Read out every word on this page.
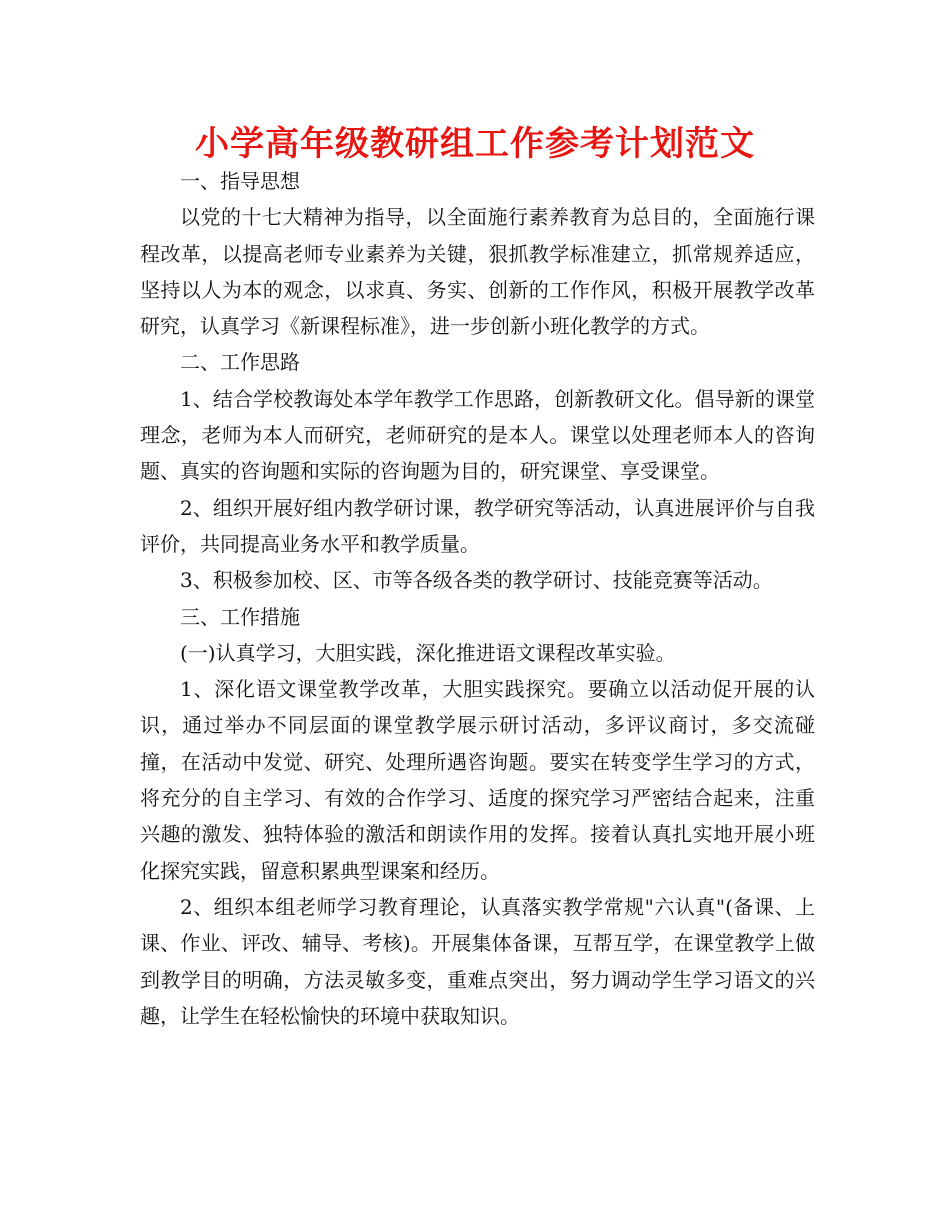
小学高年级教研组工作参考计划范文

一、指导思想

以党的十七大精神为指导，以全面施行素养教育为总目的，全面施行课程改革，以提高老师专业素养为关键，狠抓教学标准建立，抓常规养适应，坚持以人为本的观念，以求真、务实、创新的工作作风，积极开展教学改革研究，认真学习《新课程标准》，进一步创新小班化教学的方式。

二、工作思路

1、结合学校教诲处本学年教学工作思路，创新教研文化。倡导新的课堂理念，老师为本人而研究，老师研究的是本人。课堂以处理老师本人的咨询题、真实的咨询题和实际的咨询题为目的，研究课堂、享受课堂。

2、组织开展好组内教学研讨课，教学研究等活动，认真进展评价与自我评价，共同提高业务水平和教学质量。

3、积极参加校、区、市等各级各类的教学研讨、技能竞赛等活动。

三、工作措施

(一)认真学习，大胆实践，深化推进语文课程改革实验。

1、深化语文课堂教学改革，大胆实践探究。要确立以活动促开展的认识，通过举办不同层面的课堂教学展示研讨活动，多评议商讨，多交流碰撞，在活动中发觉、研究、处理所遇咨询题。要实在转变学生学习的方式，将充分的自主学习、有效的合作学习、适度的探究学习严密结合起来，注重兴趣的激发、独特体验的激活和朗读作用的发挥。接着认真扎实地开展小班化探究实践，留意积累典型课案和经历。

2、组织本组老师学习教育理论，认真落实教学常规"六认真"(备课、上课、作业、评改、辅导、考核)。开展集体备课，互帮互学，在课堂教学上做到教学目的明确，方法灵敏多变，重难点突出，努力调动学生学习语文的兴趣，让学生在轻松愉快的环境中获取知识。
